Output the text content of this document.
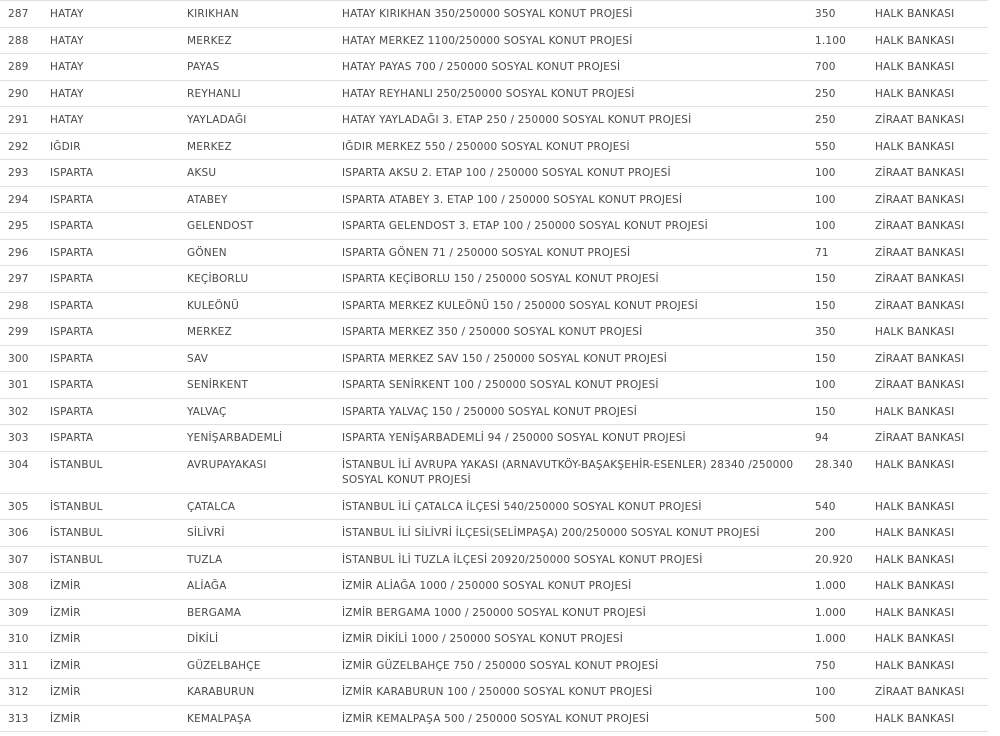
287	HATAY	KIRIKHAN	HATAY KIRIKHAN 350/250000 SOSYAL KONUT PROJESİ	350	HALK BANKASI
288	HATAY	MERKEZ	HATAY MERKEZ 1100/250000 SOSYAL KONUT PROJESİ	1.100	HALK BANKASI
289	HATAY	PAYAS	HATAY PAYAS 700 / 250000 SOSYAL KONUT PROJESİ	700	HALK BANKASI
290	HATAY	REYHANLI	HATAY REYHANLI 250/250000 SOSYAL KONUT PROJESİ	250	HALK BANKASI
291	HATAY	YAYLADAĞI	HATAY YAYLADAĞI 3. ETAP 250 / 250000 SOSYAL KONUT PROJESİ	250	ZİRAAT BANKASI
292	IĞDIR	MERKEZ	IĞDIR MERKEZ 550 / 250000 SOSYAL KONUT PROJESİ	550	HALK BANKASI
293	ISPARTA	AKSU	ISPARTA AKSU 2. ETAP 100 / 250000 SOSYAL KONUT PROJESİ	100	ZİRAAT BANKASI
294	ISPARTA	ATABEY	ISPARTA ATABEY 3. ETAP 100 / 250000 SOSYAL KONUT PROJESİ	100	ZİRAAT BANKASI
295	ISPARTA	GELENDOST	ISPARTA GELENDOST 3. ETAP 100 / 250000 SOSYAL KONUT PROJESİ	100	ZİRAAT BANKASI
296	ISPARTA	GÖNEN	ISPARTA GÖNEN 71 / 250000 SOSYAL KONUT PROJESİ	71	ZİRAAT BANKASI
297	ISPARTA	KEÇİBORLU	ISPARTA KEÇİBORLU 150 / 250000 SOSYAL KONUT PROJESİ	150	ZİRAAT BANKASI
298	ISPARTA	KULEÖNÜ	ISPARTA MERKEZ KULEÖNÜ 150 / 250000 SOSYAL KONUT PROJESİ	150	ZİRAAT BANKASI
299	ISPARTA	MERKEZ	ISPARTA MERKEZ 350 / 250000 SOSYAL KONUT PROJESİ	350	HALK BANKASI
300	ISPARTA	SAV	ISPARTA MERKEZ SAV 150 / 250000 SOSYAL KONUT PROJESİ	150	ZİRAAT BANKASI
301	ISPARTA	SENİRKENT	ISPARTA SENİRKENT 100 / 250000 SOSYAL KONUT PROJESİ	100	ZİRAAT BANKASI
302	ISPARTA	YALVAÇ	ISPARTA YALVAÇ 150 / 250000 SOSYAL KONUT PROJESİ	150	HALK BANKASI
303	ISPARTA	YENİŞARBADEMLİ	ISPARTA YENİŞARBADEMLİ 94 / 250000 SOSYAL KONUT PROJESİ	94	ZİRAAT BANKASI
304	İSTANBUL	AVRUPAYAKASI	İSTANBUL İLİ AVRUPA YAKASI (ARNAVUTKÖY-BAŞAKŞEHİR-ESENLER) 28340 /250000 SOSYAL KONUT PROJESİ	28.340	HALK BANKASI
305	İSTANBUL	ÇATALCA	İSTANBUL İLİ ÇATALCA İLÇESİ 540/250000 SOSYAL KONUT PROJESİ	540	HALK BANKASI
306	İSTANBUL	SİLİVRİ	İSTANBUL İLİ SİLİVRİ İLÇESİ(SELİMPAŞA) 200/250000 SOSYAL KONUT PROJESİ	200	HALK BANKASI
307	İSTANBUL	TUZLA	İSTANBUL İLİ TUZLA İLÇESİ 20920/250000 SOSYAL KONUT PROJESİ	20.920	HALK BANKASI
308	İZMİR	ALİAĞA	İZMİR ALİAĞA 1000 / 250000 SOSYAL KONUT PROJESİ	1.000	HALK BANKASI
309	İZMİR	BERGAMA	İZMİR BERGAMA 1000 / 250000 SOSYAL KONUT PROJESİ	1.000	HALK BANKASI
310	İZMİR	DİKİLİ	İZMİR DİKİLİ 1000 / 250000 SOSYAL KONUT PROJESİ	1.000	HALK BANKASI
311	İZMİR	GÜZELBAHÇE	İZMİR GÜZELBAHÇE 750 / 250000 SOSYAL KONUT PROJESİ	750	HALK BANKASI
312	İZMİR	KARABURUN	İZMİR KARABURUN 100 / 250000 SOSYAL KONUT PROJESİ	100	ZİRAAT BANKASI
313	İZMİR	KEMALPAŞA	İZMİR KEMALPAŞA 500 / 250000 SOSYAL KONUT PROJESİ	500	HALK BANKASI
